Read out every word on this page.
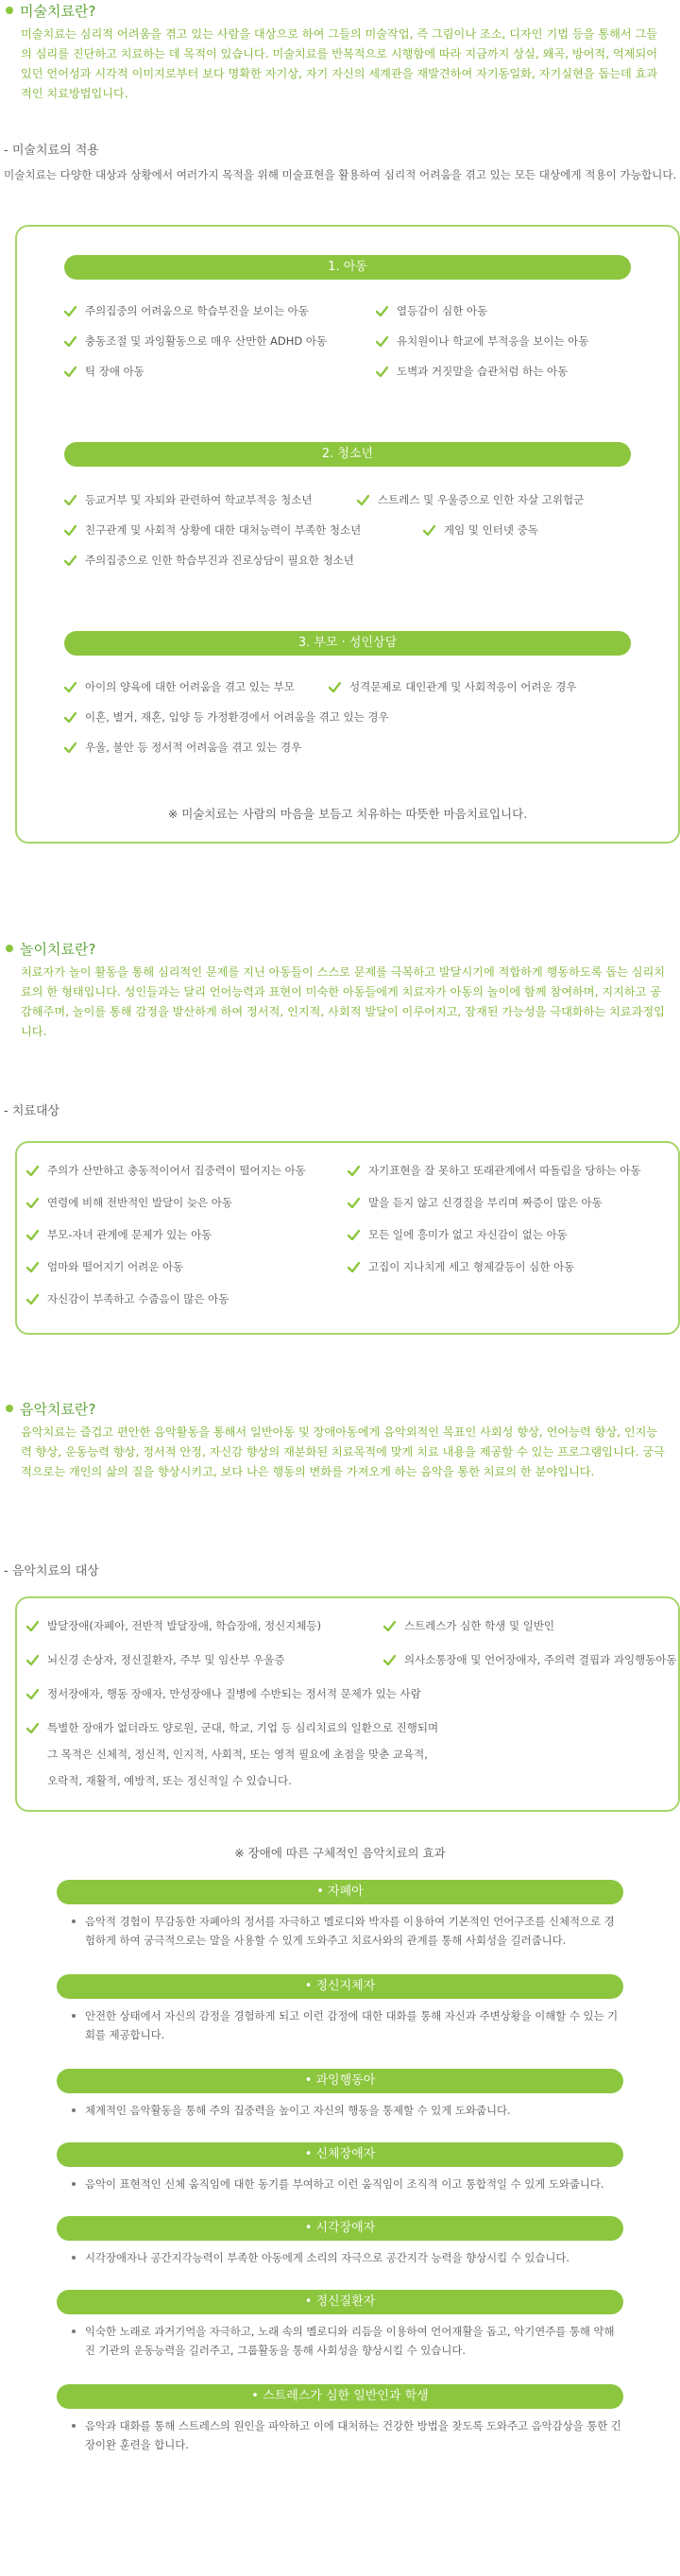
미술치료란?

미술치료는 심리적 어려움을 겪고 있는 사람을 대상으로 하여 그들의 미술작업, 즉 그림이나 조소, 디자인 기법 등을 통해서 그들의 심리를 진단하고 치료하는 데 목적이 있습니다. 미술치료를 반복적으로 시행함에 따라 지금까지 상실, 왜곡, 방어적, 억제되어 있던 언어성과 시각적 이미지로부터 보다 명확한 자기상, 자기 자신의 세계관을 재발견하여 자기동일화, 자기실현을 돕는데 효과적인 치료방법입니다.

- 미술치료의 적용
미술치료는 다양한 대상과 상황에서 여러가지 목적을 위해 미술표현을 활용하여 심리적 어려움을 겪고 있는 모든 대상에게 적용이 가능합니다.
1. 아동
주의집중의 어려움으로 학습부진을 보이는 아동	열등감이 심한 아동
충동조절 및 과잉활동으로 매우 산만한 ADHD 아동	유치원이나 학교에 부적응을 보이는 아동
틱 장애 아동	도벽과 거짓말을 습관처럼 하는 아동
2. 청소년
등교거부 및 자퇴와 관련하여 학교부적응 청소년	스트레스 및 우울증으로 인한 자살 고위험군
친구관계 및 사회적 상황에 대한 대처능력이 부족한 청소년	게임 및 인터넷 중독
주의집중으로 인한 학습부진과 진로상담이 필요한 청소년
3. 부모 · 성인상담
아이의 양육에 대한 어려움을 겪고 있는 부모	성격문제로 대인관계 및 사회적응이 어려운 경우
이혼, 별거, 재혼, 입양 등 가정환경에서 어려움을 겪고 있는 경우
우울, 불안 등 정서적 어려움을 겪고 있는 경우
※ 미술치료는 사람의 마음을 보듬고 치유하는 따뜻한 마음치료입니다.
놀이치료란?

치료자가 놀이 활동을 통해 심리적인 문제를 지닌 아동들이 스스로 문제를 극복하고 발달시기에 적합하게 행동하도록 돕는 심리치료의 한 형태입니다. 성인들과는 달리 언어능력과 표현이 미숙한 아동들에게 치료자가 아동의 놀이에 함께 참여하며, 지지하고 공감해주며, 놀이를 통해 감정을 발산하게 하여 정서적, 인지적, 사회적 발달이 이루어지고, 잠재된 가능성을 극대화하는 치료과정입니다.

- 치료대상
주의가 산만하고 충동적이어서 집중력이 떨어지는 아동	자기표현을 잘 못하고 또래관계에서 따돌림을 당하는 아동
연령에 비해 전반적인 발달이 늦은 아동	말을 듣지 않고 신경질을 부리며 짜증이 많은 아동
부모-자녀 관계에 문제가 있는 아동	모든 일에 흥미가 없고 자신감이 없는 아동
엄마와 떨어지기 어려운 아동	고집이 지나치게 세고 형제갈등이 심한 아동
자신감이 부족하고 수줍음이 많은 아동
음악치료란?

음악치료는 즐겁고 편안한 음악활동을 통해서 일반아동 및 장애아동에게 음악외적인 목표인 사회성 향상, 언어능력 향상, 인지능력 향상, 운동능력 향상, 정서적 안정, 자신감 향상의 재분화된 치료목적에 맞게 치료 내용을 제공할 수 있는 프로그램입니다. 궁극적으로는 개인의 삶의 질을 향상시키고, 보다 나은 행동의 변화를 가져오게 하는 음악을 통한 치료의 한 분야입니다.

- 음악치료의 대상
발달장애(자폐아, 전반적 발달장애, 학습장애, 정신지체등)	스트레스가 심한 학생 및 일반인
뇌신경 손상자, 정신질환자, 주부 및 임산부 우울증	의사소통장애 및 언어장애자, 주의력 결핍과 과잉행동아동
정서장애자, 행동 장애자, 만성장애나 질병에 수반되는 정서적 문제가 있는 사람
특별한 장애가 없더라도 양로원, 군대, 학교, 기업 등 심리치료의 일환으로 진행되며
그 목적은 신체적, 정신적, 인지적, 사회적, 또는 영적 필요에 초점을 맞춘 교육적,
오락적, 재활적, 예방적, 또는 정신적일 수 있습니다.
※ 장애에 따른 구체적인 음악치료의 효과
• 자폐아
음악적 경험이 무감동한 자폐아의 정서를 자극하고 멜로디와 박자를 이용하여 기본적인 언어구조를 신체적으로 경험하게 하여 궁극적으로는 말을 사용할 수 있게 도와주고 치료사와의 관계를 통해 사회성을 길러줍니다.
• 정신지체자
안전한 상태에서 자신의 감정을 경험하게 되고 이런 감정에 대한 대화를 통해 자신과 주변상황을 이해할 수 있는 기회를 제공합니다.
• 과잉행동아
체계적인 음악활동을 통해 주의 집중력을 높이고 자신의 행동을 통제할 수 있게 도와줍니다.
• 신체장애자
음악이 표현적인 신체 움직임에 대한 동기를 부여하고 이런 움직임이 조직적 이고 통합적일 수 있게 도와줍니다.
• 시각장애자
시각장애자나 공간지각능력이 부족한 아동에게 소리의 자극으로 공간지각 능력을 향상시킬 수 있습니다.
• 정신질환자
익숙한 노래로 과거기억을 자극하고, 노래 속의 멜로디와 리듬을 이용하여 언어재활을 돕고, 악기연주를 통해 약해진 기관의 운동능력을 길러주고, 그룹활동을 통해 사회성을 향상시킬 수 있습니다.
• 스트레스가 심한 일반인과 학생
음악과 대화를 통해 스트레스의 원인을 파악하고 이에 대처하는 건강한 방법을 찾도록 도와주고 음악감상을 통한 긴장이완 훈련을 합니다.
